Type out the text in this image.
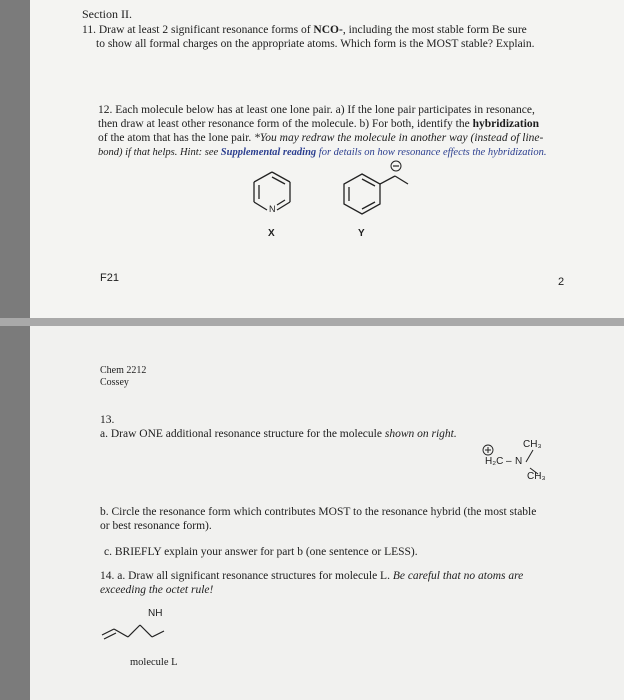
Section II.
11. Draw at least 2 significant resonance forms of NCO-, including the most stable form Be sure
to show all formal charges on the appropriate atoms. Which form is the MOST stable? Explain.
12. Each molecule below has at least one lone pair. a) If the lone pair participates in resonance,
then draw at least other resonance form of the molecule. b) For both, identify the hybridization
of the atom that has the lone pair. *You may redraw the molecule in another way (instead of line-
bond) if that helps. Hint: see Supplemental reading for details on how resonance effects the hybridization.
N
X	Y
F21	2
Chem 2212
Cossey
13.
a. Draw ONE additional resonance structure for the molecule shown on right.
CH₃
H₂C – N
CH₃
b. Circle the resonance form which contributes MOST to the resonance hybrid (the most stable
or best resonance form).
c. BRIEFLY explain your answer for part b (one sentence or LESS).
14. a. Draw all significant resonance structures for molecule L. Be careful that no atoms are
exceeding the octet rule!
NH
molecule L
